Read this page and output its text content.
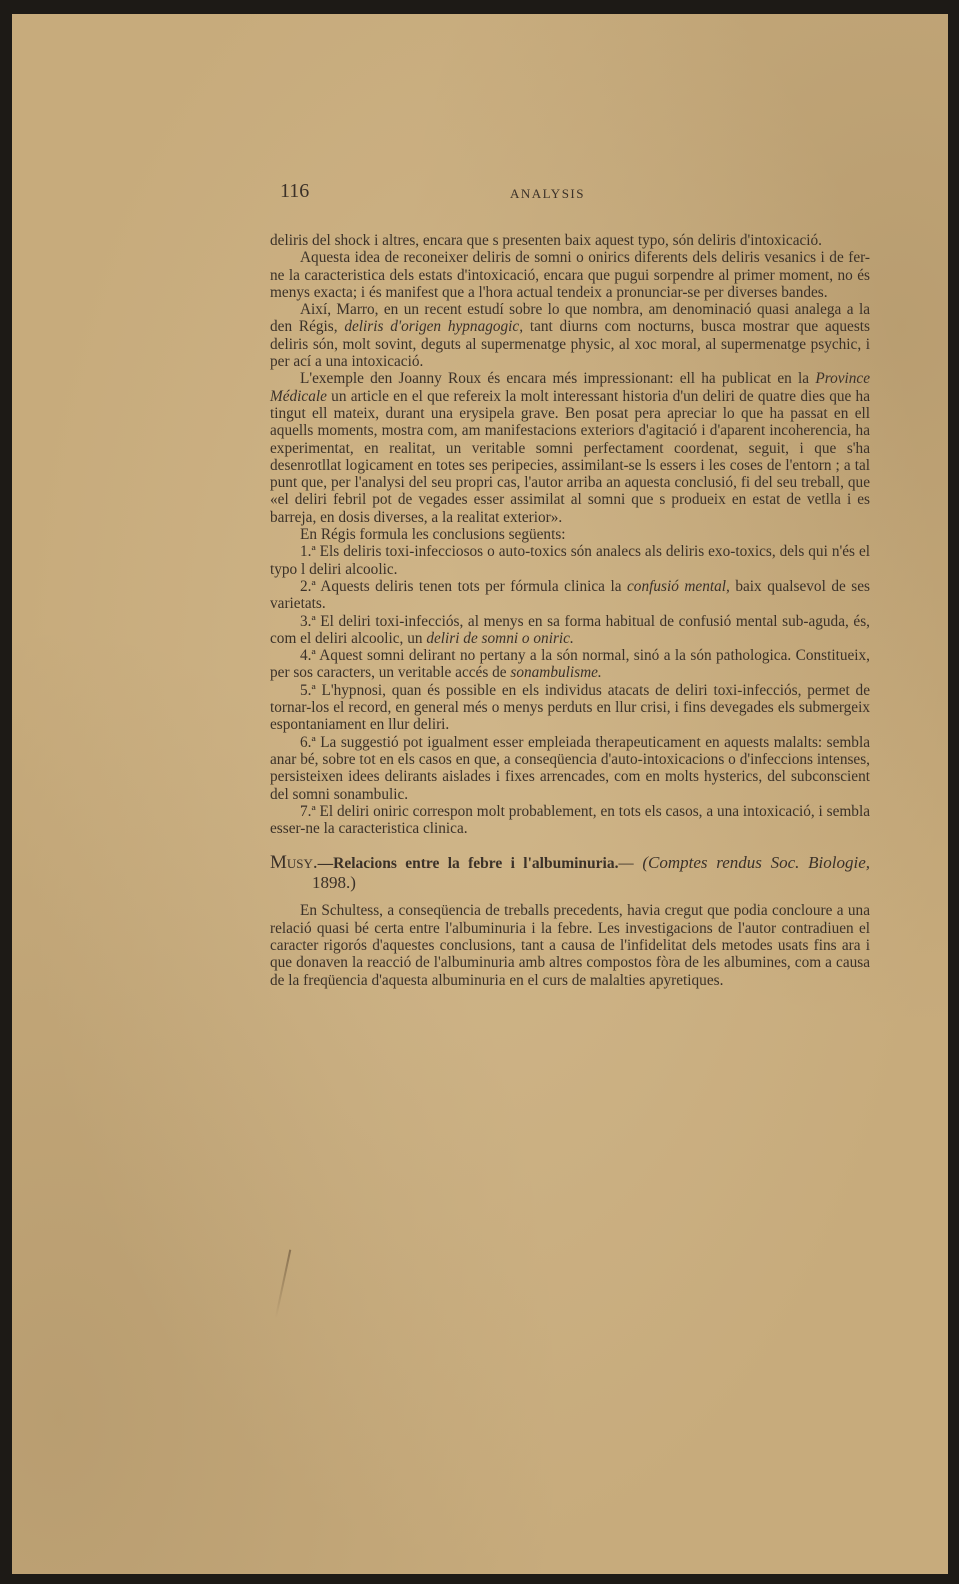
116	ANALYSIS

deliris del shock i altres, encara que s presenten baix aquest typo, són deliris d'intoxicació.

Aquesta idea de reconeixer deliris de somni o onirics diferents dels deliris vesanics i de fer-ne la caracteristica dels estats d'intoxicació, encara que pugui sorpendre al primer moment, no és menys exacta; i és manifest que a l'hora actual tendeix a pronunciar-se per diverses bandes.

Així, Marro, en un recent estudí sobre lo que nombra, am denominació quasi analega a la den Régis, deliris d'origen hypnagogic, tant diurns com nocturns, busca mostrar que aquests deliris són, molt sovint, deguts al supermenatge physic, al xoc moral, al supermenatge psychic, i per ací a una intoxicació.

L'exemple den Joanny Roux és encara més impressionant: ell ha publicat en la Province Médicale un article en el que refereix la molt interessant historia d'un deliri de quatre dies que ha tingut ell mateix, durant una erysipela grave. Ben posat pera apreciar lo que ha passat en ell aquells moments, mostra com, am manifestacions exteriors d'agitació i d'aparent incoherencia, ha experimentat, en realitat, un veritable somni perfectament coordenat, seguit, i que s'ha desenrotllat logicament en totes ses peripecies, assimilant-se ls essers i les coses de l'entorn ; a tal punt que, per l'analysi del seu propri cas, l'autor arriba an aquesta conclusió, fi del seu treball, que «el deliri febril pot de vegades esser assimilat al somni que s produeix en estat de vetlla i es barreja, en dosis diverses, a la realitat exterior».

En Régis formula les conclusions següents:

1.ª Els deliris toxi-infecciosos o auto-toxics són analecs als deliris exo-toxics, dels qui n'és el typo l deliri alcoolic.

2.ª Aquests deliris tenen tots per fórmula clinica la confusió mental, baix qualsevol de ses varietats.

3.ª El deliri toxi-infecciós, al menys en sa forma habitual de confusió mental sub-aguda, és, com el deliri alcoolic, un deliri de somni o oniric.

4.ª Aquest somni delirant no pertany a la són normal, sinó a la són pathologica. Constitueix, per sos caracters, un veritable accés de sonambulisme.

5.ª L'hypnosi, quan és possible en els individus atacats de deliri toxi-infecciós, permet de tornar-los el record, en general més o menys perduts en llur crisi, i fins devegades els submergeix espontaniament en llur deliri.

6.ª La suggestió pot igualment esser empleiada therapeuticament en aquests malalts: sembla anar bé, sobre tot en els casos en que, a conseqüencia d'auto-intoxicacions o d'infeccions intenses, persisteixen idees delirants aislades i fixes arrencades, com en molts hysterics, del subconscient del somni sonambulic.

7.ª El deliri oniric correspon molt probablement, en tots els casos, a una intoxicació, i sembla esser-ne la caracteristica clinica.

Musy.—Relacions entre la febre i l'albuminuria.— (Comptes rendus Soc. Biologie, 1898.)

En Schultess, a conseqüencia de treballs precedents, havia cregut que podia concloure a una relació quasi bé certa entre l'albuminuria i la febre. Les investigacions de l'autor contradiuen el caracter rigorós d'aquestes conclusions, tant a causa de l'infidelitat dels metodes usats fins ara i que donaven la reacció de l'albuminuria amb altres compostos fòra de les albumines, com a causa de la freqüencia d'aquesta albuminuria en el curs de malalties apyretiques.
